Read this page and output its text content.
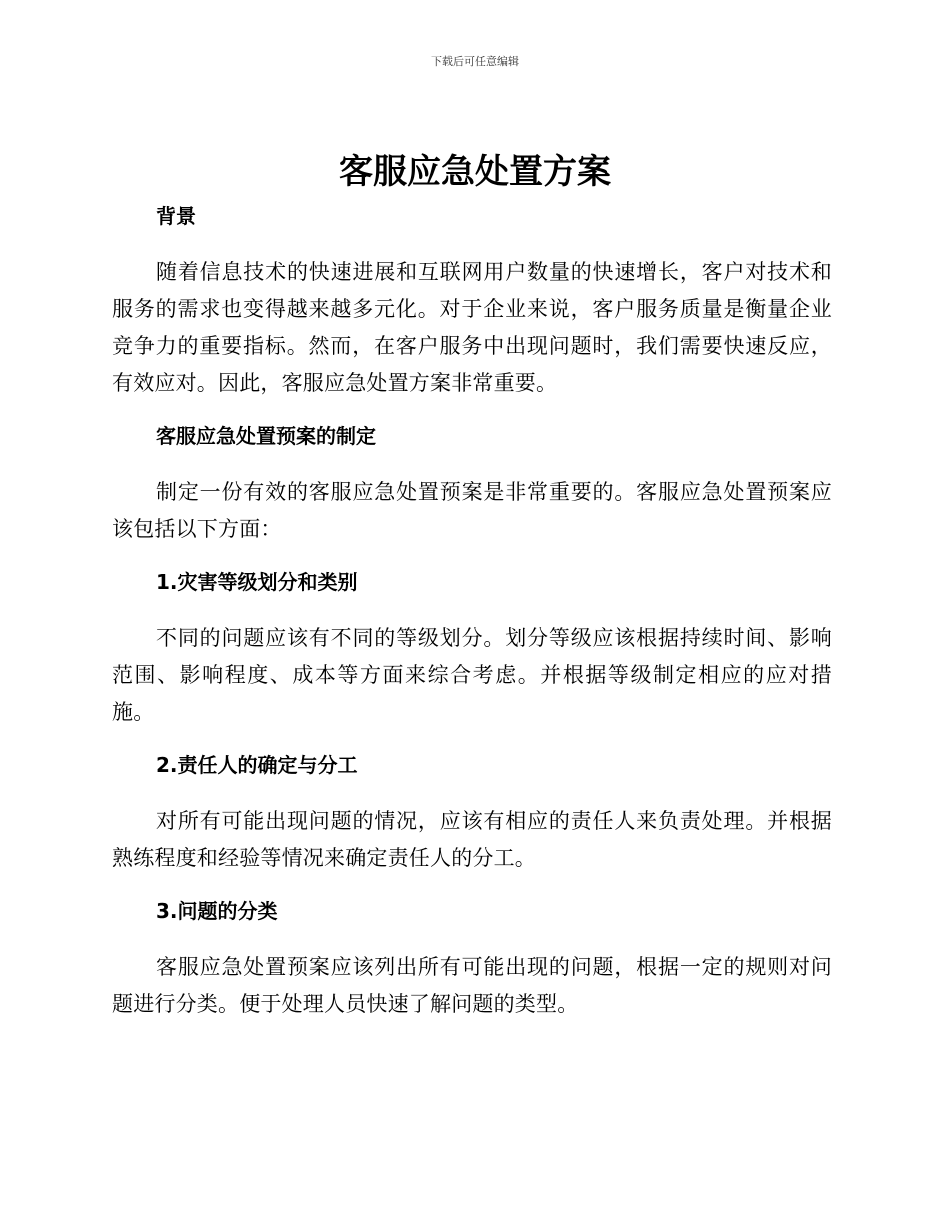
下载后可任意编辑
客服应急处置方案
背景

随着信息技术的快速进展和互联网用户数量的快速增长，客户对技术和服务的需求也变得越来越多元化。对于企业来说，客户服务质量是衡量企业竞争力的重要指标。然而，在客户服务中出现问题时，我们需要快速反应，有效应对。因此，客服应急处置方案非常重要。

客服应急处置预案的制定

制定一份有效的客服应急处置预案是非常重要的。客服应急处置预案应该包括以下方面：

1.灾害等级划分和类别

不同的问题应该有不同的等级划分。划分等级应该根据持续时间、影响范围、影响程度、成本等方面来综合考虑。并根据等级制定相应的应对措施。

2.责任人的确定与分工

对所有可能出现问题的情况，应该有相应的责任人来负责处理。并根据熟练程度和经验等情况来确定责任人的分工。

3.问题的分类

客服应急处置预案应该列出所有可能出现的问题，根据一定的规则对问题进行分类。便于处理人员快速了解问题的类型。
